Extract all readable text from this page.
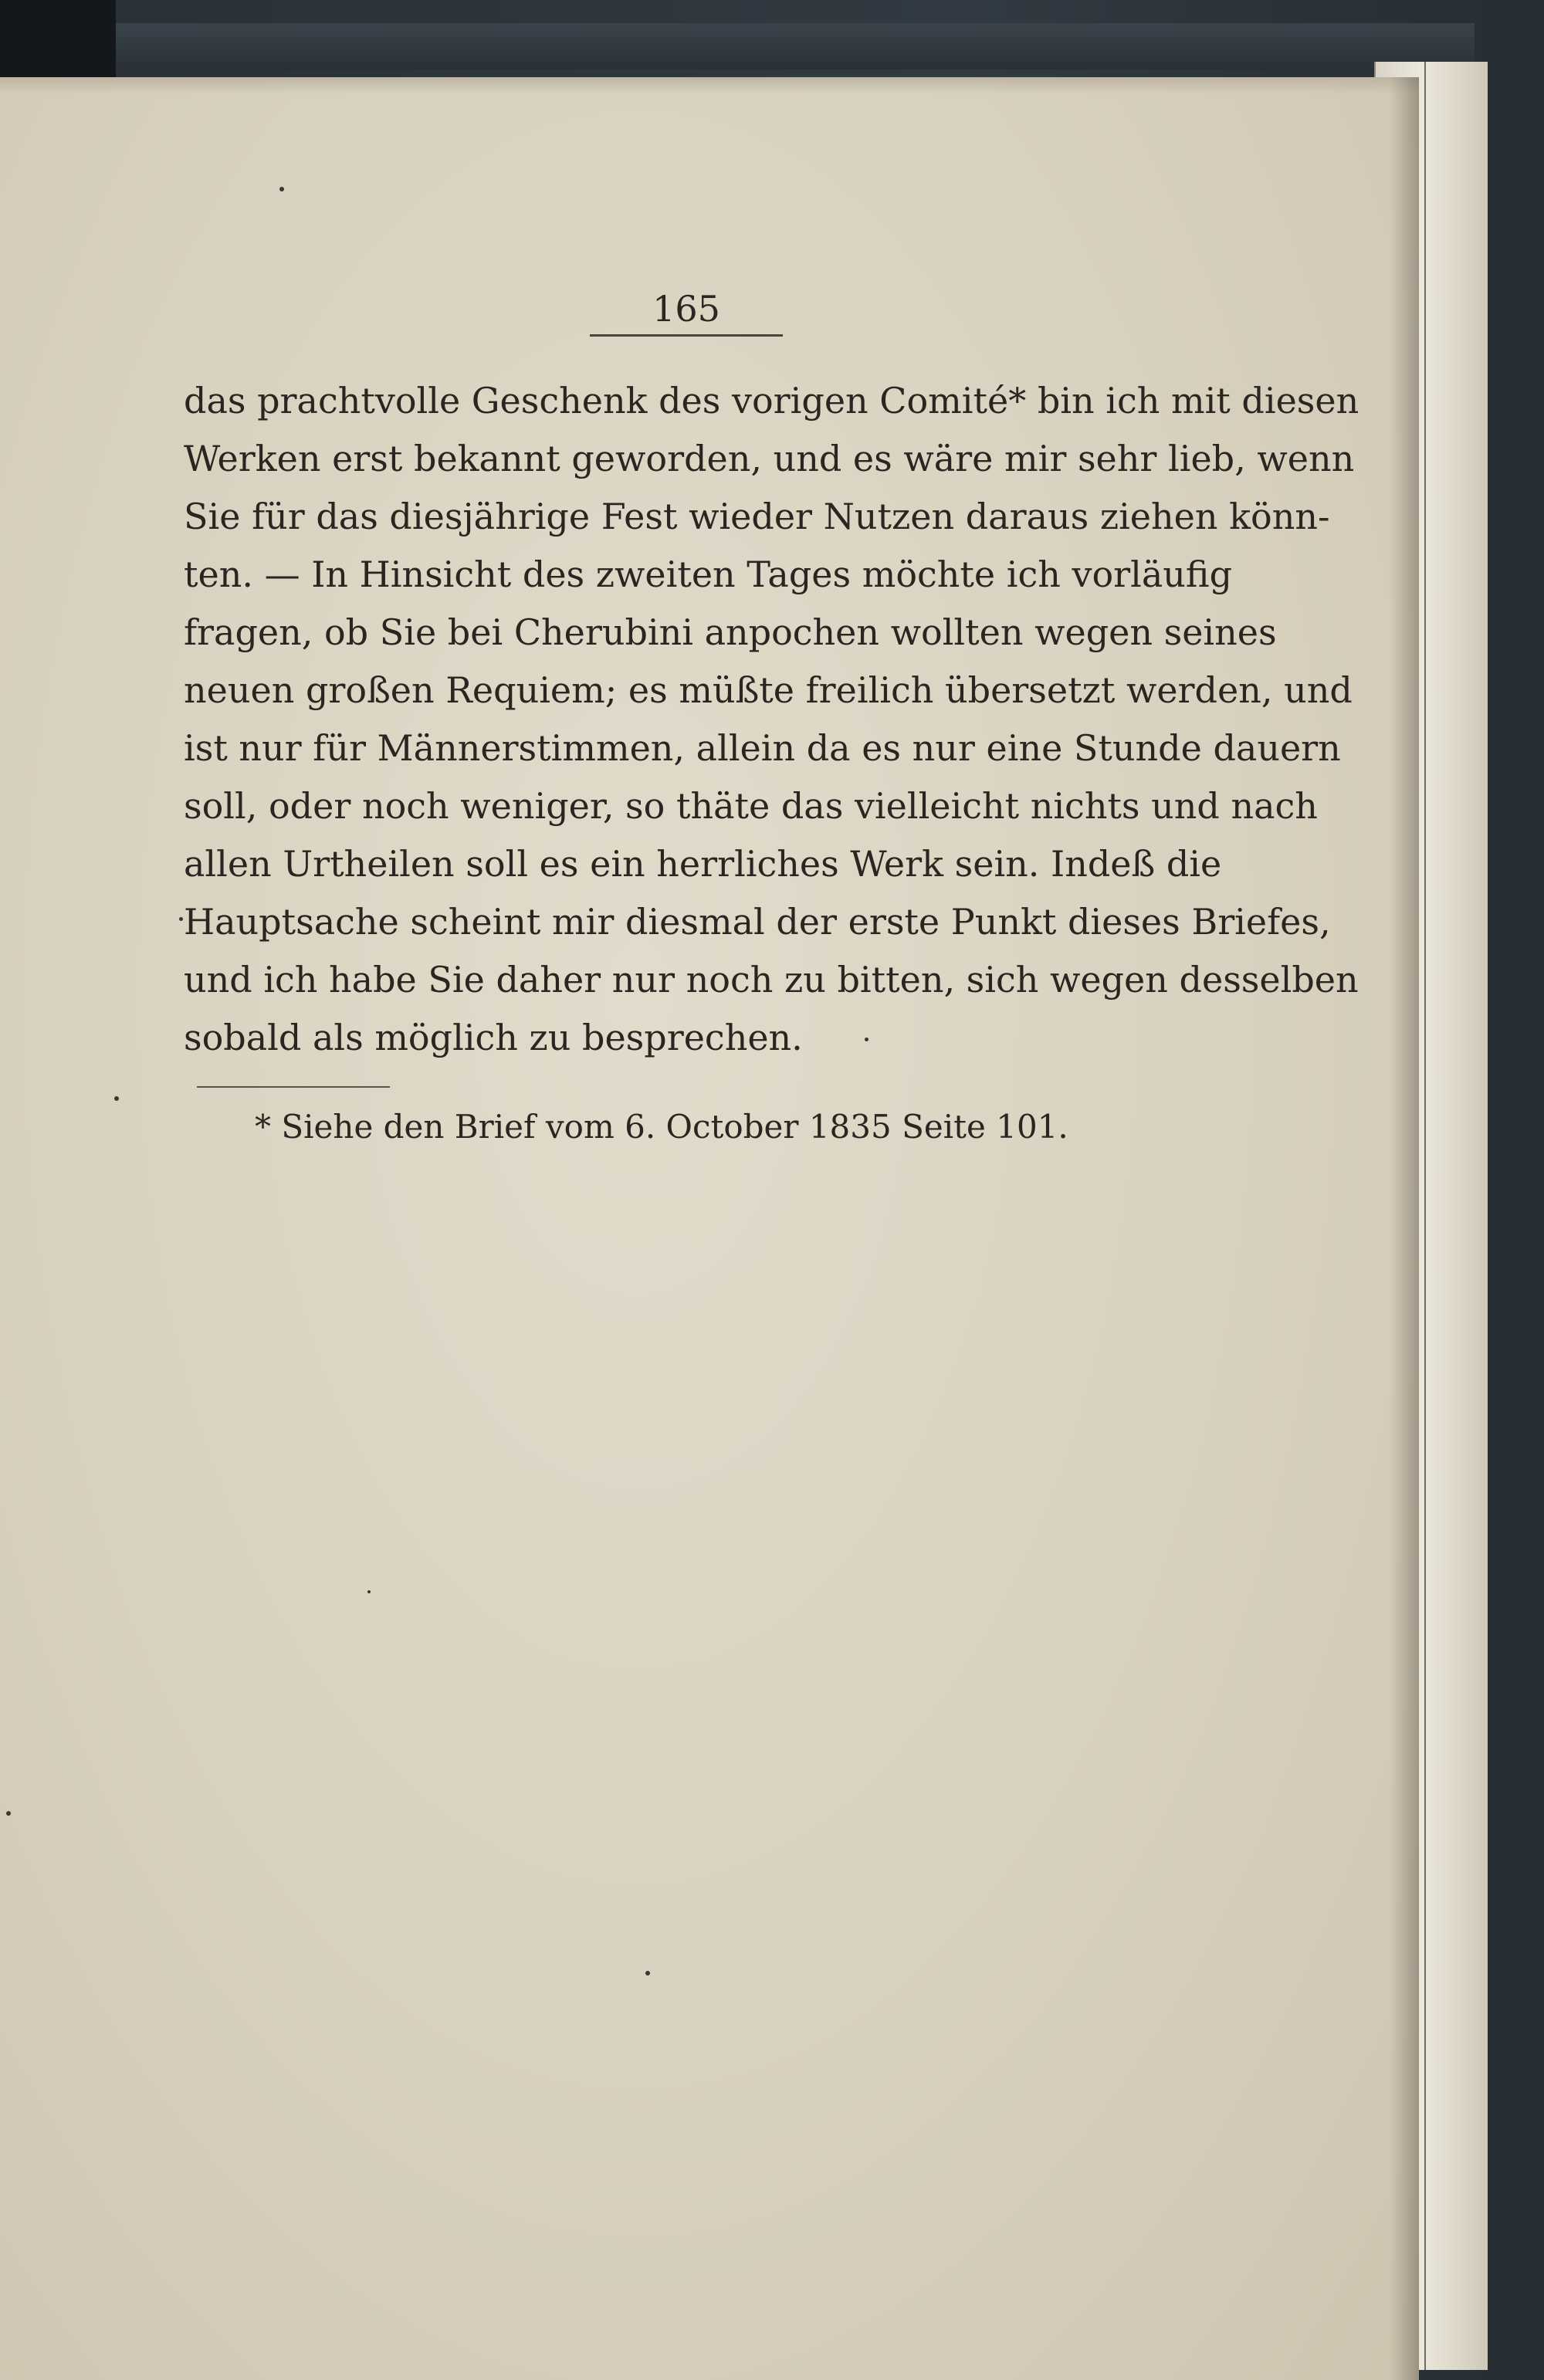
165
das prachtvolle Geschenk des vorigen Comité* bin ich mit diesen
Werken erst bekannt geworden, und es wäre mir sehr lieb, wenn
Sie für das diesjährige Fest wieder Nutzen daraus ziehen könn-
ten. — In Hinsicht des zweiten Tages möchte ich vorläufig
fragen, ob Sie bei Cherubini anpochen wollten wegen seines
neuen großen Requiem; es müßte freilich übersetzt werden, und
ist nur für Männerstimmen, allein da es nur eine Stunde dauern
soll, oder noch weniger, so thäte das vielleicht nichts und nach
allen Urtheilen soll es ein herrliches Werk sein. Indeß die
Hauptsache scheint mir diesmal der erste Punkt dieses Briefes,
und ich habe Sie daher nur noch zu bitten, sich wegen desselben
sobald als möglich zu besprechen.
* Siehe den Brief vom 6. October 1835 Seite 101.
